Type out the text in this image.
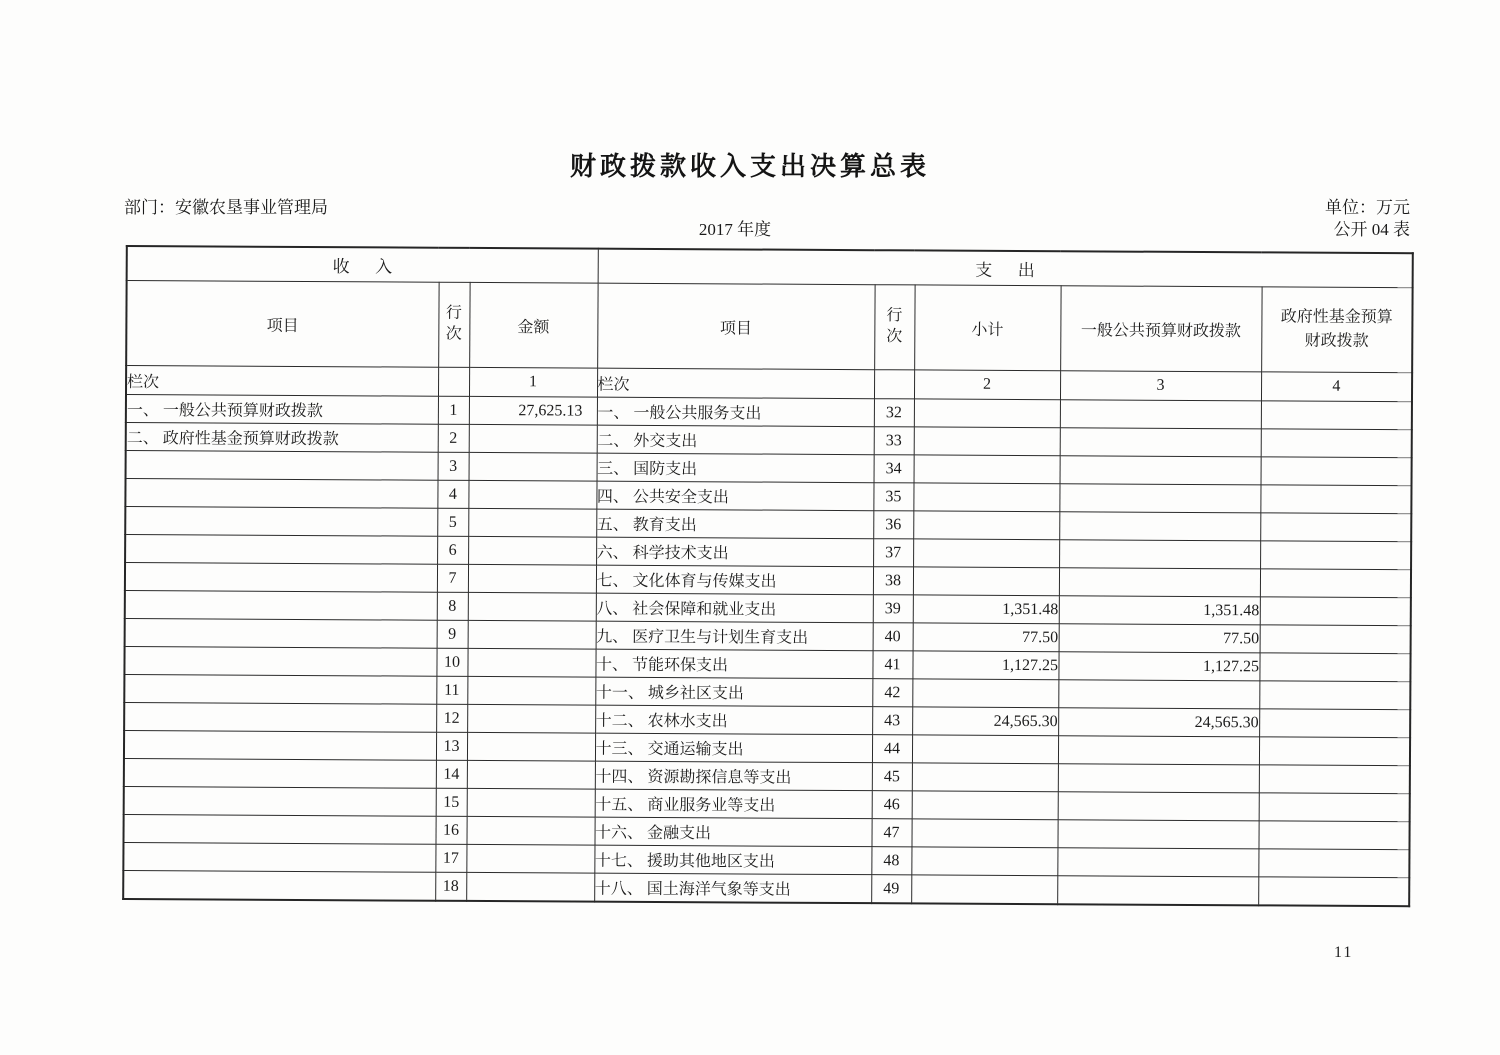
财政拨款收入支出决算总表
部门：安徽农垦事业管理局	单位：万元
2017 年度	公开 04 表
收      入			支      出				
项目	行次	金额	项目	行次	小计	一般公共预算财政拨款	政府性基金预算财政拨款
栏次		1	栏次		2	3	4
一、 一般公共预算财政拨款	1	27,625.13	一、 一般公共服务支出	32			
二、 政府性基金预算财政拨款	2		二、 外交支出	33			
	3		三、 国防支出	34			
	4		四、 公共安全支出	35			
	5		五、 教育支出	36			
	6		六、 科学技术支出	37			
	7		七、 文化体育与传媒支出	38			
	8		八、 社会保障和就业支出	39	1,351.48	1,351.48	
	9		九、 医疗卫生与计划生育支出	40	77.50	77.50	
	10		十、 节能环保支出	41	1,127.25	1,127.25	
	11		十一、 城乡社区支出	42			
	12		十二、 农林水支出	43	24,565.30	24,565.30	
	13		十三、 交通运输支出	44			
	14		十四、 资源勘探信息等支出	45			
	15		十五、 商业服务业等支出	46			
	16		十六、 金融支出	47			
	17		十七、 援助其他地区支出	48			
	18		十八、 国土海洋气象等支出	49			
11
